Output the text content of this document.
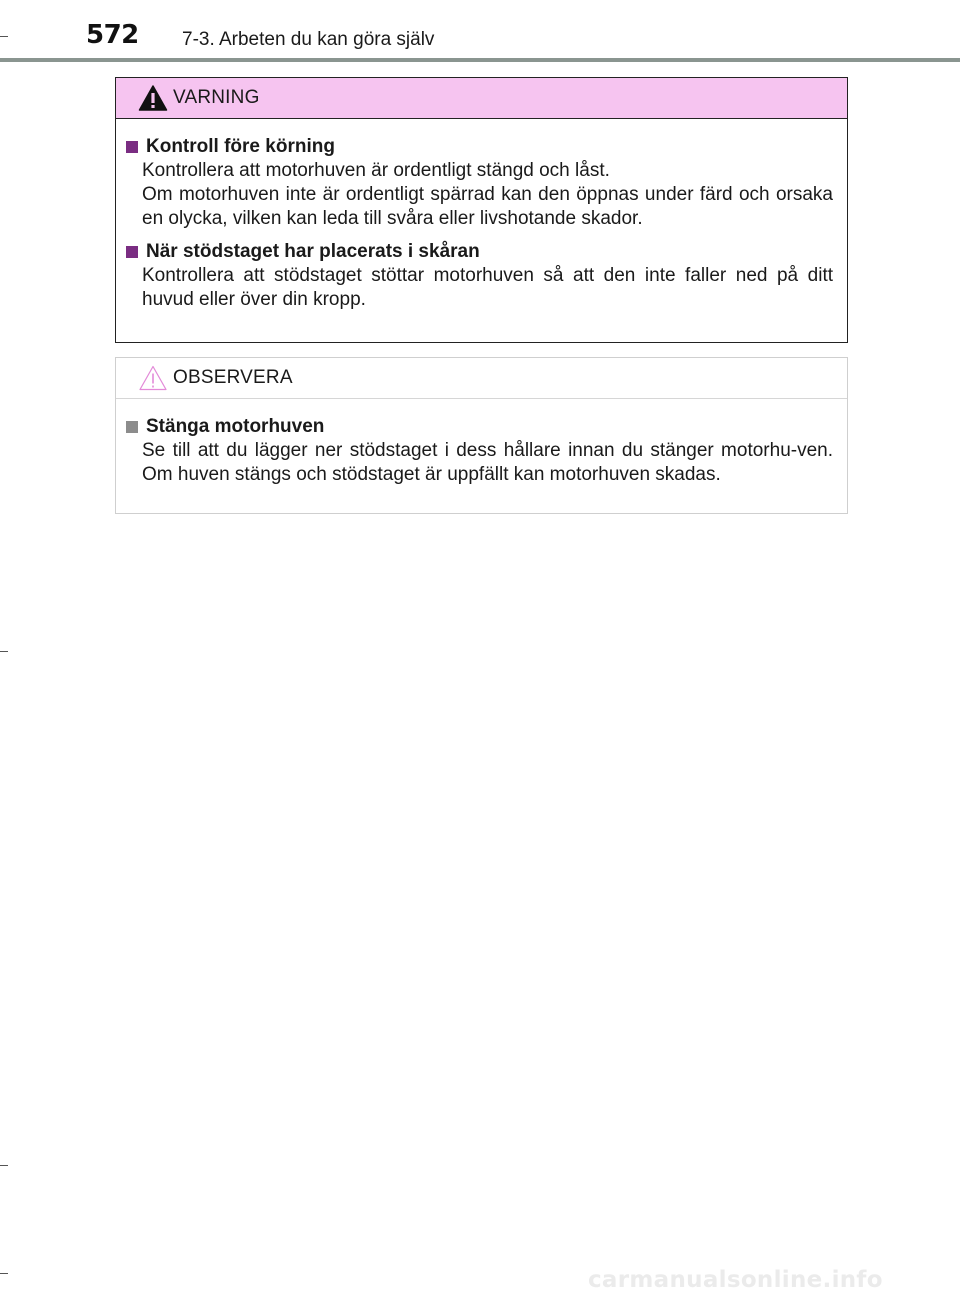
572 7-3. Arbeten du kan göra själv
VARNING
Kontroll före körning

Kontrollera att motorhuven är ordentligt stängd och låst.

Om motorhuven inte är ordentligt spärrad kan den öppnas under färd och orsaka en olycka, vilken kan leda till svåra eller livshotande skador.

När stödstaget har placerats i skåran

Kontrollera att stödstaget stöttar motorhuven så att den inte faller ned på ditt huvud eller över din kropp.

OBSERVERA
Stänga motorhuven

Se till att du lägger ner stödstaget i dess hållare innan du stänger motorhu-ven. Om huven stängs och stödstaget är uppfällt kan motorhuven skadas.

carmanualsonline.info
